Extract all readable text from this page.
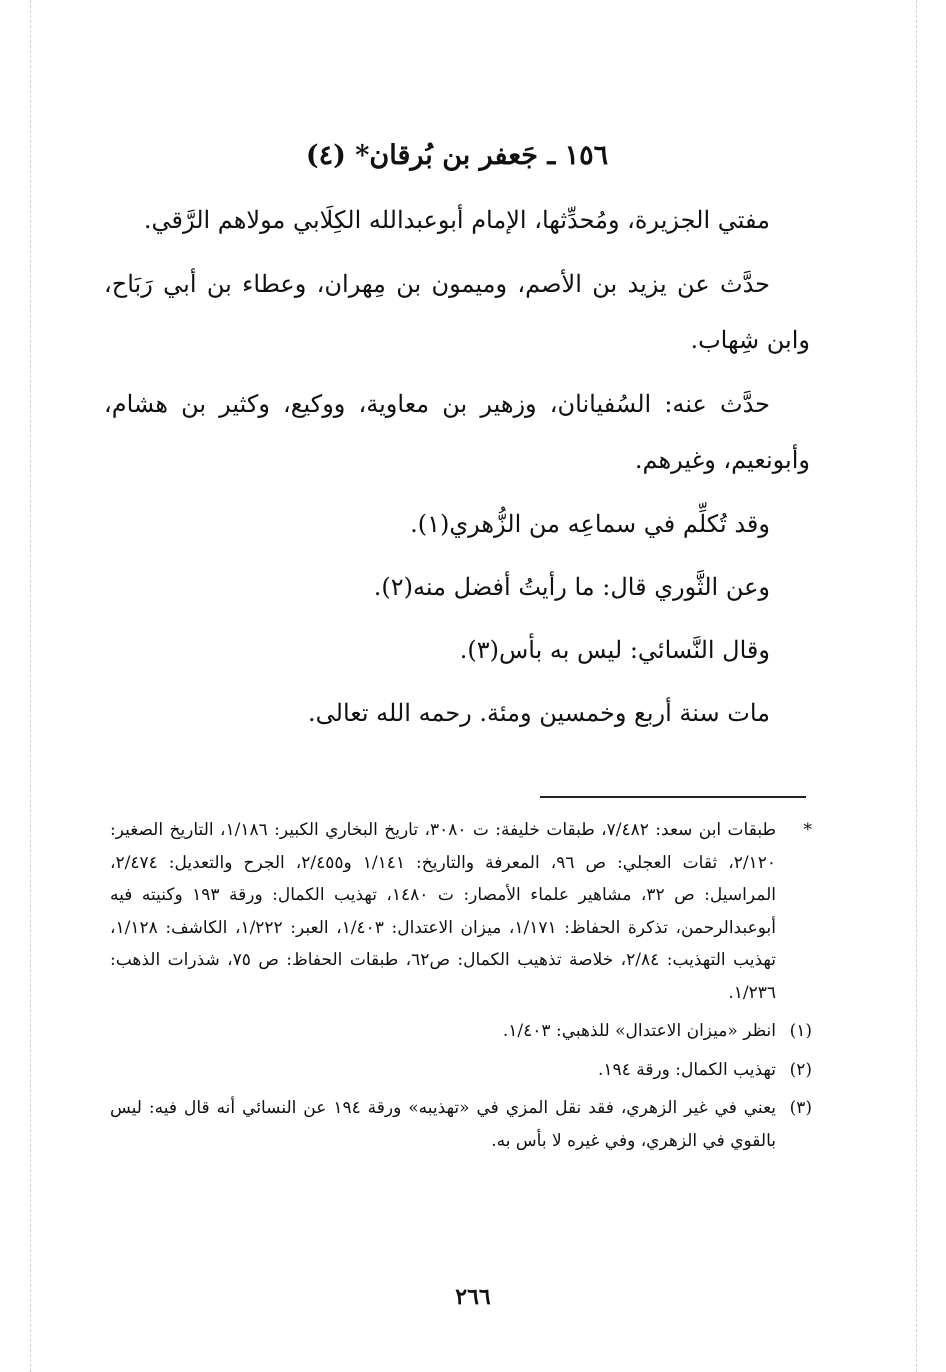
١٥٦ ـ جَعفر بن بُرقان* (٤)

مفتي الجزيرة، ومُحدِّثها، الإمام أبوعبدالله الكِلَابي مولاهم الرَّقي.

حدَّث عن يزيد بن الأصم، وميمون بن مِهران، وعطاء بن أبي رَبَاح، وابن شِهاب.

حدَّث عنه: السُفيانان، وزهير بن معاوية، ووكيع، وكثير بن هشام، وأبونعيم، وغيرهم.

وقد تُكلِّم في سماعِه من الزُّهري(١).

وعن الثَّوري قال: ما رأيتُ أفضل منه(٢).

وقال النَّسائي: ليس به بأس(٣).

مات سنة أربع وخمسين ومئة. رحمه الله تعالى.

*
طبقات ابن سعد: ٧/٤٨٢، طبقات خليفة: ت ٣٠٨٠، تاريخ البخاري الكبير: ١/١٨٦، التاريخ الصغير: ٢/١٢٠، ثقات العجلي: ص ٩٦، المعرفة والتاريخ: ١/١٤١ و٢/٤٥٥، الجرح والتعديل: ٢/٤٧٤، المراسيل: ص ٣٢، مشاهير علماء الأمصار: ت ١٤٨٠، تهذيب الكمال: ورقة ١٩٣ وكنيته فيه أبوعبدالرحمن، تذكرة الحفاظ: ١/١٧١، ميزان الاعتدال: ١/٤٠٣، العبر: ١/٢٢٢، الكاشف: ١/١٢٨، تهذيب التهذيب: ٢/٨٤، خلاصة تذهيب الكمال: ص٦٢، طبقات الحفاظ: ص ٧٥، شذرات الذهب: ١/٢٣٦.

(١)
انظر «ميزان الاعتدال» للذهبي: ١/٤٠٣.

(٢)
تهذيب الكمال: ورقة ١٩٤.

(٣)
يعني في غير الزهري، فقد نقل المزي في «تهذيبه» ورقة ١٩٤ عن النسائي أنه قال فيه: ليس بالقوي في الزهري، وفي غيره لا بأس به.

٢٦٦
